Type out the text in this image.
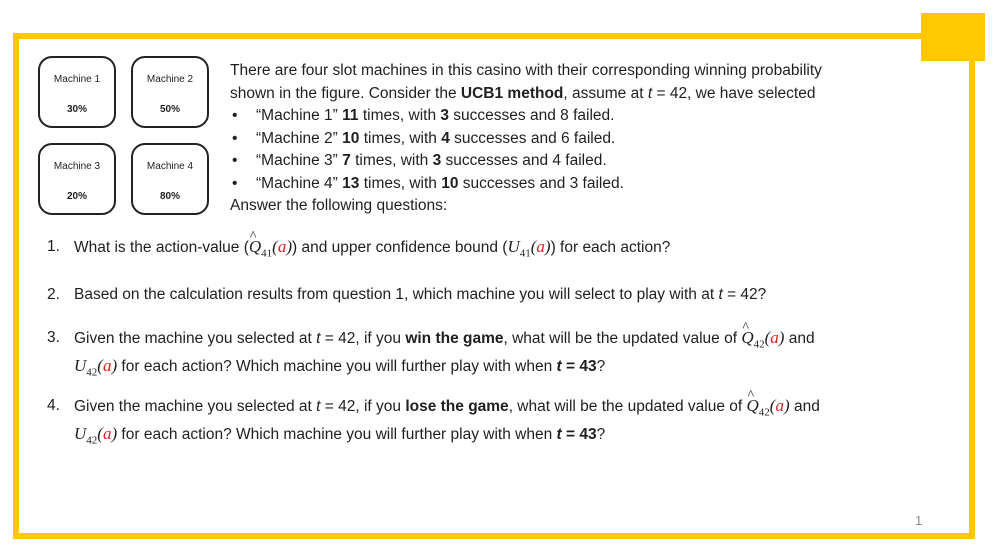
Machine 1
30%
Machine 2
50%
Machine 3
20%
Machine 4
80%

There are four slot machines in this casino with their corresponding winning probability

shown in the figure. Consider the UCB1 method, assume at t = 42, we have selected

• “Machine 1” 11 times, with 3 successes and 8 failed.
• “Machine 2” 10 times, with 4 successes and 6 failed.
• “Machine 3” 7 times, with 3 successes and 4 failed.
• “Machine 4” 13 times, with 10 successes and 3 failed.

Answer the following questions:

1. What is the action-value (^ $Q_{41}(a)$) and upper confidence bound $(U_{41}(a))$ for each action?
2. Based on the calculation results from question 1, which machine you will select to play with at t = 42?
3. Given the machine you selected at t = 42, if you win the game, what will be the updated value of ^ $Q_{42}(a)$ and
$U_{42}(a)$ for each action? Which machine you will further play with when t = 43?
4. Given the machine you selected at t = 42, if you lose the game, what will be the updated value of ^ $Q_{42}(a)$ and
$U_{42}(a)$ for each action? Which machine you will further play with when t = 43?
1
